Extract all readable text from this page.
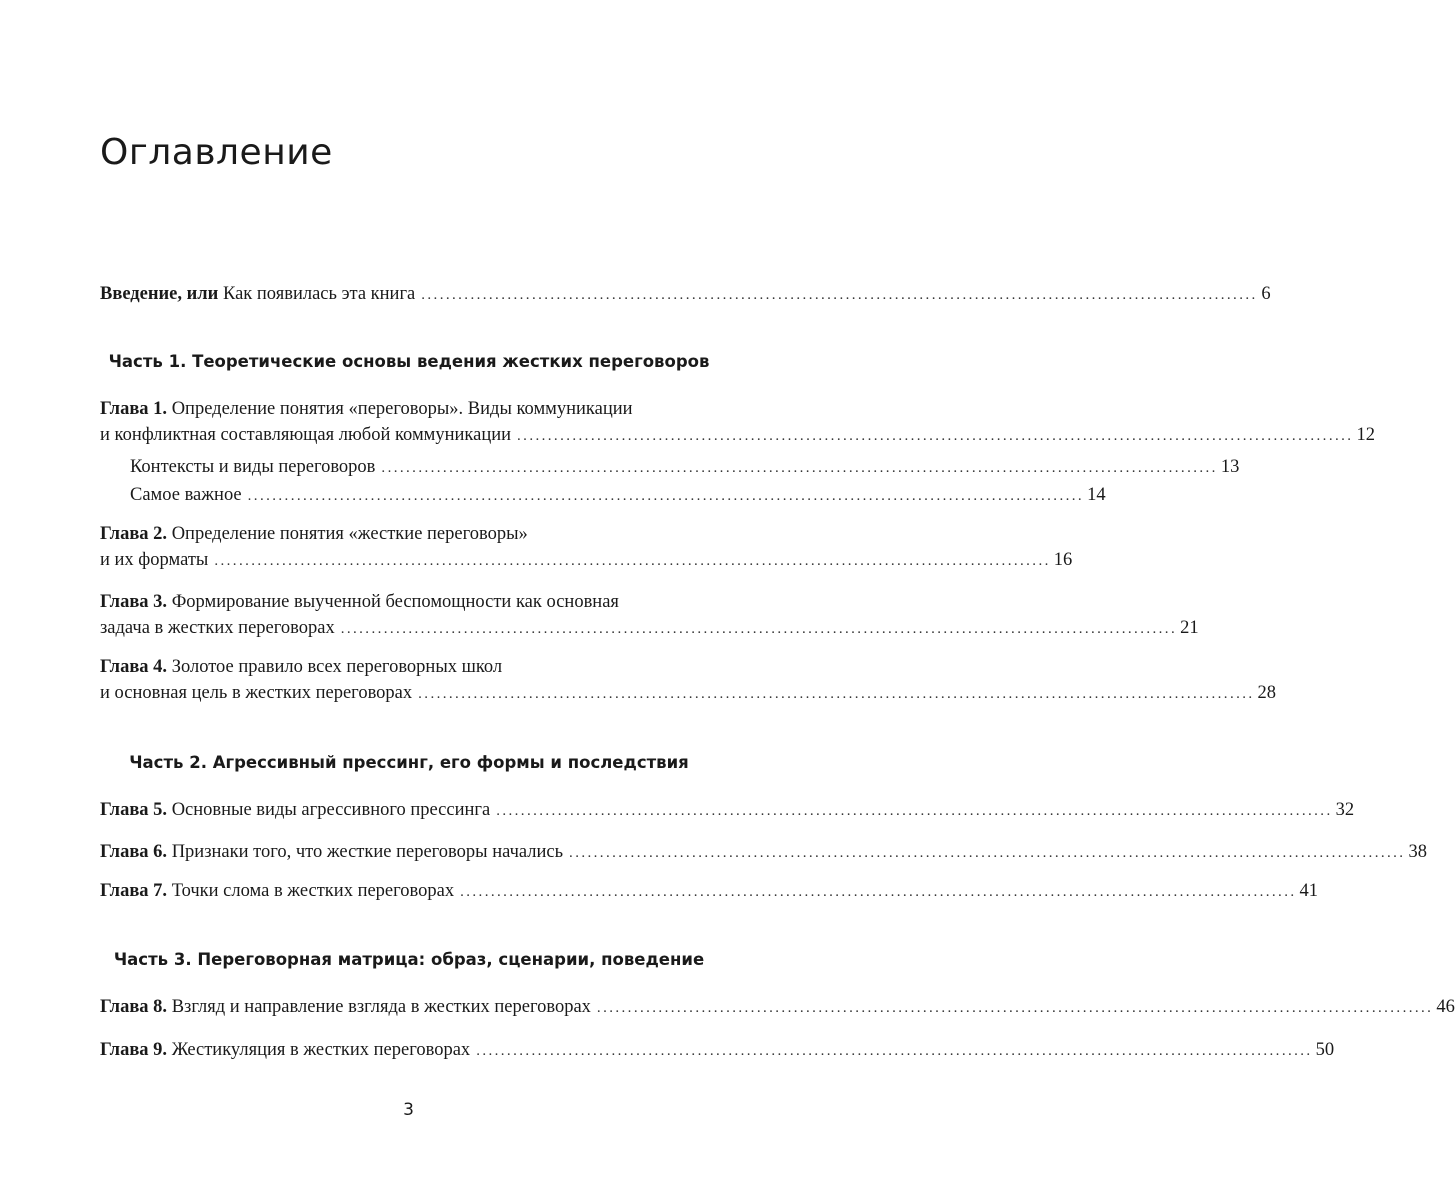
Оглавление
Введение, или
Как появилась эта книга ........................................................................................................................................ 6
Часть 1. Теоретические основы ведения жестких переговоров
Глава 1. Определение понятия «переговоры». Виды коммуникации
и конфликтная составляющая любой коммуникации ........................................................................................................................................ 12
Контексты и виды переговоров ........................................................................................................................................ 13
Самое важное ........................................................................................................................................ 14
Глава 2. Определение понятия «жесткие переговоры»
и их форматы ........................................................................................................................................ 16
Глава 3. Формирование выученной беспомощности как основная
задача в жестких переговорах ........................................................................................................................................ 21
Глава 4. Золотое правило всех переговорных школ
и основная цель в жестких переговорах ........................................................................................................................................ 28
Часть 2. Агрессивный прессинг, его формы и последствия
Глава 5.
Основные виды агрессивного прессинга ........................................................................................................................................ 32
Глава 6.
Признаки того, что жесткие переговоры начались ........................................................................................................................................ 38
Глава 7.
Точки слома в жестких переговорах ........................................................................................................................................ 41
Часть 3. Переговорная матрица: образ, сценарии, поведение
Глава 8.
Взгляд и направление взгляда в жестких переговорах ........................................................................................................................................ 46
Глава 9.
Жестикуляция в жестких переговорах ........................................................................................................................................ 50
3
